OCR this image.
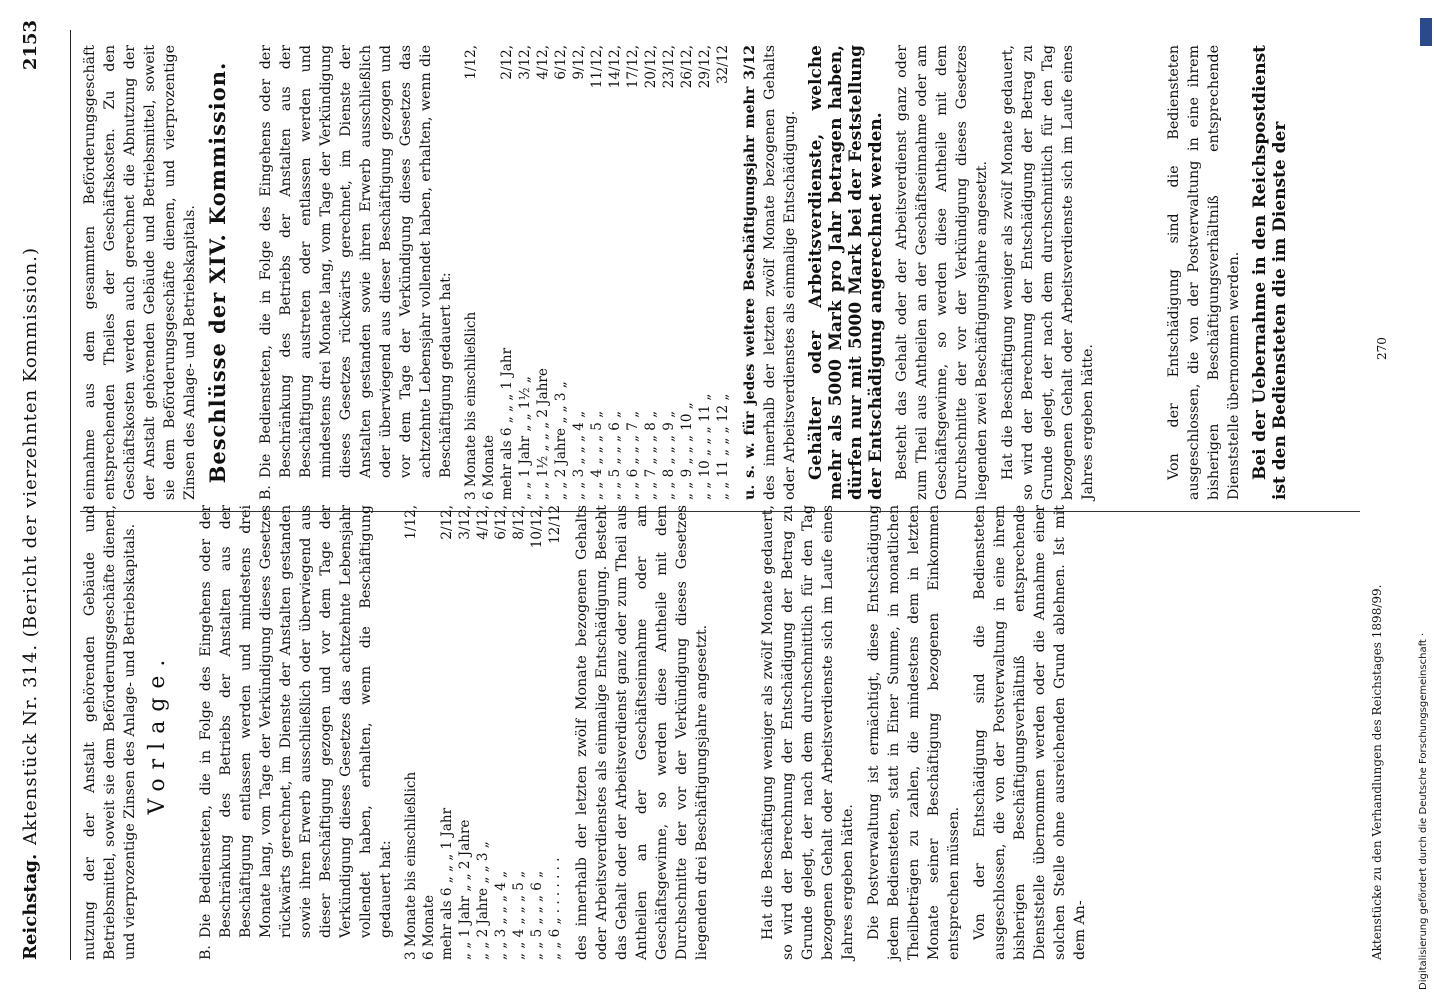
Reichstag.
Aktenstück Nr. 314. (Bericht der vierzehnten Kommission.)
2153

nutzung der der Anstalt gehörenden Gebäude und Betriebsmittel, soweit sie dem Beförderungsgeschäfte dienen, und vierprozentige Zinsen des Anlage- und Betriebskapitals. Vorlage.

B.
Die Bediensteten, die in Folge des Eingehens oder der Beschränkung des Betriebs der Anstalten aus der Beschäftigung entlassen werden und mindestens drei Monate lang, vom Tage der Verkündigung dieses Gesetzes rückwärts gerechnet, im Dienste der Anstalten gestanden sowie ihren Erwerb ausschließlich oder überwiegend aus dieser Beschäftigung gezogen und vor dem Tage der Verkündigung dieses Gesetzes das achtzehnte Lebensjahr vollendet haben, erhalten, wenn die Beschäftigung gedauert hat: 3 Monate bis einschließlich 6 Monate
1/12,
mehr als 6 „ „ „ 1 Jahr
2/12,
„ „ 1 Jahr „ „ 2 Jahre
3/12,
„ „ 2 Jahre „ „ 3 „
4/12,
„ „ 3 „ „ „ 4 „
6/12,
„ „ 4 „ „ „ 5 „
8/12,
„ „ 5 „ „ „ 6 „
10/12,
„ „ 6 „ . . . . . . .
12/12 des innerhalb der letzten zwölf Monate bezogenen Gehalts oder Arbeitsverdienstes als einmalige Entschädigung. Besteht das Gehalt oder der Arbeitsverdienst ganz oder zum Theil aus Antheilen an der Geschäftseinnahme oder am Geschäftsgewinne, so werden diese Antheile mit dem Durchschnitte der vor der Verkündigung dieses Gesetzes liegenden drei Beschäftigungsjahre angesetzt.	Hat die Beschäftigung weniger als zwölf Monate gedauert, so wird der Berechnung der Entschädigung der Betrag zu Grunde gelegt, der nach dem durchschnittlich für den Tag bezogenen Gehalt oder Arbeitsverdienste sich im Laufe eines Jahres ergeben hätte. Die Postverwaltung ist ermächtigt, diese Entschädigung jedem Bediensteten, statt in Einer Summe, in monatlichen Theilbeträgen zu zahlen, die mindestens dem in letzten Monate seiner Beschäftigung bezogenen Einkommen entsprechen müssen. Von der Entschädigung sind die Bediensteten ausgeschlossen, die von der Postverwaltung in eine ihrem bisherigen Beschäftigungsverhältniß entsprechende Dienststelle übernommen werden oder die Annahme einer solchen Stelle ohne ausreichenden Grund ablehnen. Ist mit dem An-

einnahme aus dem gesammten Beförderungsgeschäft entsprechenden Theiles der Geschäftskosten. Zu den Geschäftskosten werden auch gerechnet die Abnutzung der der Anstalt gehörenden Gebäude und Betriebsmittel, soweit sie dem Beförderungsgeschäfte dienen, und vierprozentige Zinsen des Anlage- und Betriebskapitals. Beschlüsse der XIV. Kommission.

B.
Die Bediensteten, die in Folge des Eingehens oder der Beschränkung des Betriebs der Anstalten aus der Beschäftigung austreten oder entlassen werden und mindestens drei Monate lang, vom Tage der Verkündigung dieses Gesetzes rückwärts gerechnet, im Dienste der Anstalten gestanden sowie ihren Erwerb ausschließlich oder überwiegend aus dieser Beschäftigung gezogen und vor dem Tage der Verkündigung dieses Gesetzes das achtzehnte Lebensjahr vollendet haben, erhalten, wenn die Beschäftigung gedauert hat: 3 Monate bis einschließlich 6 Monate
1/12,
mehr als 6 „ „ „ 1 Jahr
2/12,
„ „ 1 Jahr „ „ 1½ „
3/12,
„ „ 1½ „ „ „ 2 Jahre
4/12,
„ „ 2 Jahre „ „ 3 „
6/12,
„ „ 3 „ „ „ 4 „
9/12,
„ „ 4 „ „ „ 5 „
11/12,
„ „ 5 „ „ „ 6 „
14/12,
„ „ 6 „ „ „ 7 „
17/12,
„ „ 7 „ „ „ 8 „
20/12,
„ „ 8 „ „ „ 9 „
23/12,
„ „ 9 „ „ „ 10 „
26/12,
„ „ 10 „ „ „ 11 „
29/12,
„ „ 11 „ „ „ 12 „
32/12 u. s. w. für jedes weitere Beschäftigungsjahr mehr 3/12 des innerhalb der letzten zwölf Monate bezogenen Gehalts oder Arbeitsverdienstes als einmalige Entschädigung. Gehälter oder Arbeitsverdienste, welche mehr als 5000 Mark pro Jahr betragen haben, dürfen nur mit 5000 Mark bei der Feststellung der Entschädigung angerechnet werden. Besteht das Gehalt oder der Arbeitsverdienst ganz oder zum Theil aus Antheilen an der Geschäftseinnahme oder am Geschäftsgewinne, so werden diese Antheile mit dem Durchschnitte der vor der Verkündigung dieses Gesetzes liegenden zwei Beschäftigungsjahre angesetzt. Hat die Beschäftigung weniger als zwölf Monate gedauert, so wird der Berechnung der Entschädigung der Betrag zu Grunde gelegt, der nach dem durchschnittlich für den Tag bezogenen Gehalt oder Arbeitsverdienste sich im Laufe eines Jahres ergeben hätte.	Von der Entschädigung sind die Bediensteten ausgeschlossen, die von der Postverwaltung in eine ihrem bisherigen Beschäftigungsverhältniß entsprechende Dienststelle übernommen werden. Bei der Uebernahme in den Reichspostdienst ist den Bediensteten die im Dienste der

Aktenstücke zu den Verhandlungen des Reichstages 1898/99.
270
Digitalisierung gefördert durch die Deutsche Forschungsgemeinschaft ·
